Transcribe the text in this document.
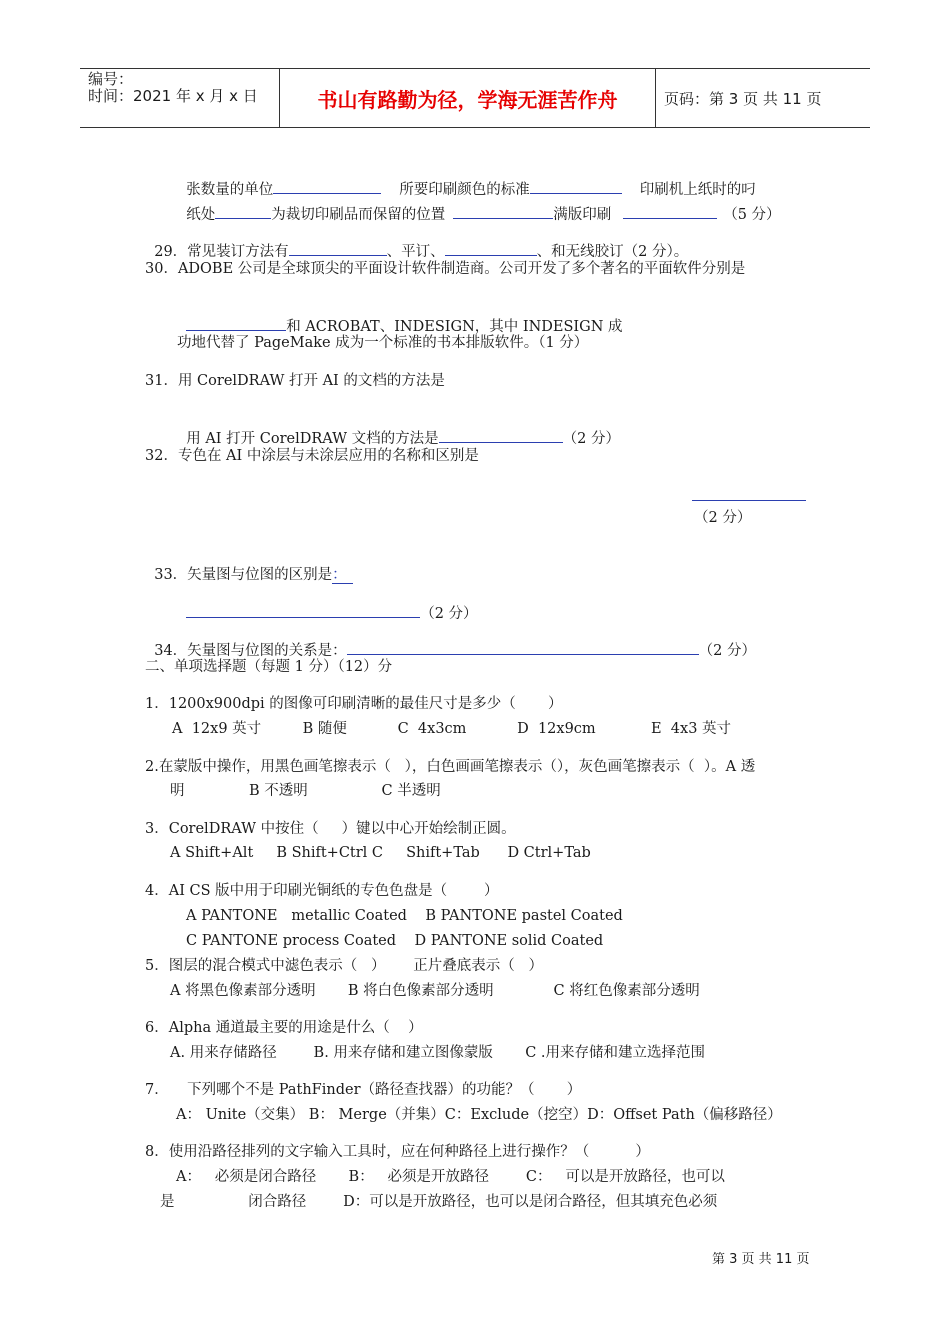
编号：
时间：2021 年 x 月 x 日	书山有路勤为径，学海无涯苦作舟	页码：第 3 页 共 11 页

张数量的单位	所要印刷颜色的标准	印刷机上纸时的叼

纸处	为裁切印刷品而保留的位置	满版印刷	（5 分）

29．常见装订方法有	、平订、	、和无线胶订（2 分）。

30．ADOBE 公司是全球顶尖的平面设计软件制造商。公司开发了多个著名的平面软件分别是

和 ACROBAT、INDESIGN，其中 INDESIGN 成

功地代替了 PageMake 成为一个标准的书本排版软件。（1 分）
31．用 CorelDRAW 打开 AI 的文档的方法是

用 AI 打开 CorelDRAW 文档的方法是	（2 分）

32．专色在 AI 中涂层与未涂层应用的名称和区别是
（2 分）

33．矢量图与位图的区别是：

（2 分）

34．矢量图与位图的关系是：	（2 分）

二、单项选择题（每题 1 分）（12）分
1．1200x900dpi 的图像可印刷清晰的最佳尺寸是多少（       ）
A  12x9 英寸         B 随便           C  4x3cm           D  12x9cm            E  4x3 英寸
2.在蒙版中操作，用黑色画笔擦表示（   ），白色画画笔擦表示（），灰色画笔擦表示（  ）。A 透
明              B 不透明                C 半透明
3．CorelDRAW 中按住（     ）键以中心开始绘制正圆。
A Shift+Alt     B Shift+Ctrl C     Shift+Tab      D Ctrl+Tab
4．AI CS 版中用于印刷光铜纸的专色色盘是（        ）
A PANTONE   metallic Coated    B PANTONE pastel Coated
C PANTONE process Coated    D PANTONE solid Coated
5．图层的混合模式中滤色表示（   ）      正片叠底表示（   ）
A 将黑色像素部分透明       B 将白色像素部分透明             C 将红色像素部分透明
6．Alpha 通道最主要的用途是什么（    ）
A. 用来存储路径        B. 用来存储和建立图像蒙版       C .用来存储和建立选择范围
7．    下列哪个不是 PathFinder（路径查找器）的功能？（       ）
A： Unite（交集） B： Merge（并集）C：Exclude（挖空）D：Offset Path（偏移路径）
8．使用沿路径排列的文字输入工具时，应在何种路径上进行操作？（          ）
A：   必须是闭合路径       B：   必须是开放路径        C：   可以是开放路径，也可以
是                闭合路径        D：可以是开放路径，也可以是闭合路径，但其填充色必须
第 3 页 共 11 页
